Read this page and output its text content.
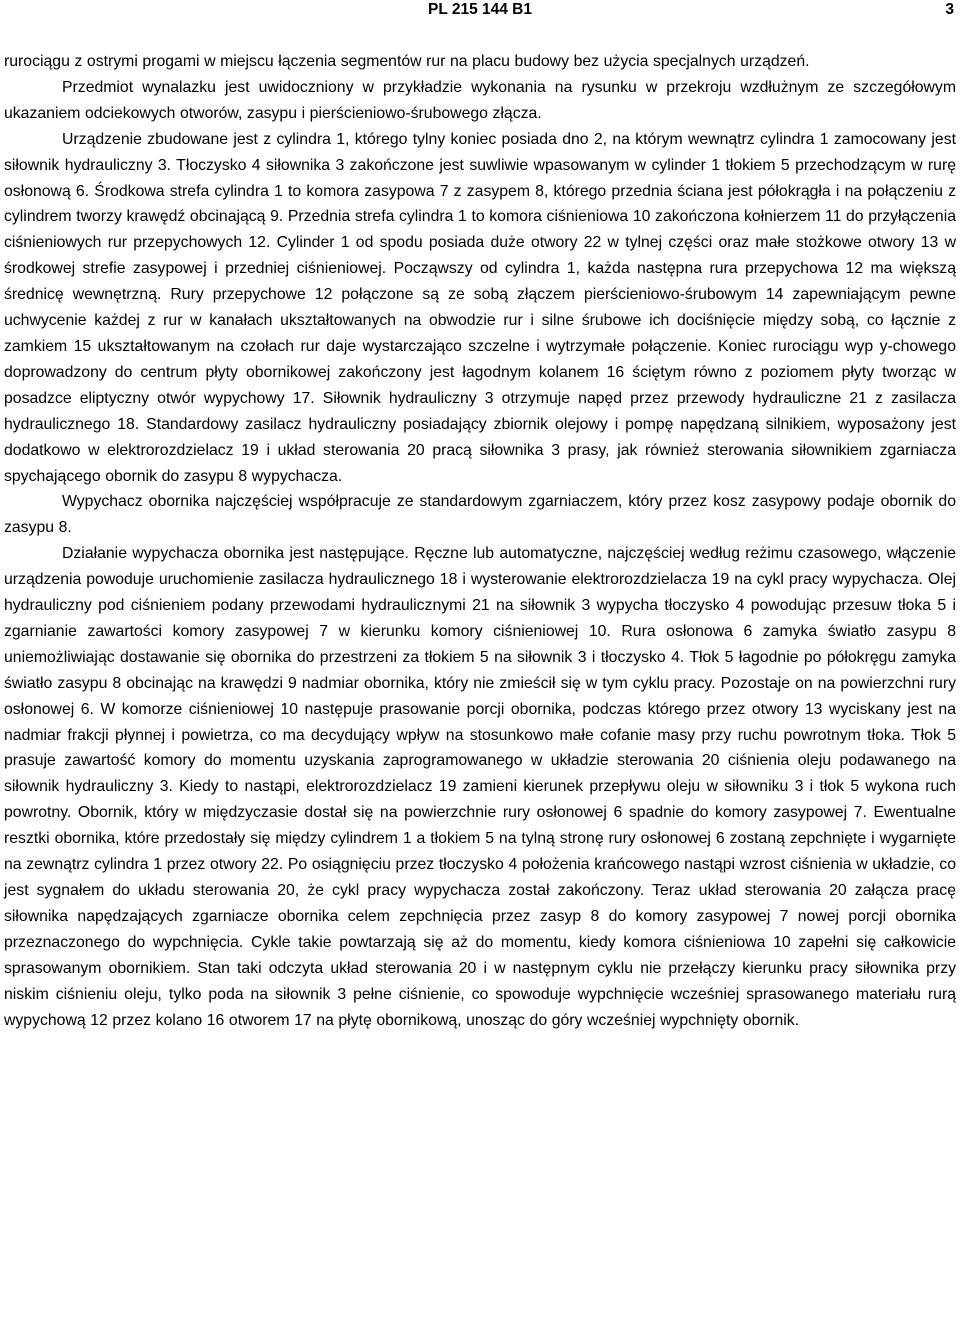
PL 215 144 B1	3

rurociągu z ostrymi progami w miejscu łączenia segmentów rur na placu budowy bez użycia specjalnych urządzeń.

Przedmiot wynalazku jest uwidoczniony w przykładzie wykonania na rysunku w przekroju wzdłużnym ze szczegółowym ukazaniem odciekowych otworów, zasypu i pierścieniowo-śrubowego złącza.

Urządzenie zbudowane jest z cylindra 1, którego tylny koniec posiada dno 2, na którym wewnątrz cylindra 1 zamocowany jest siłownik hydrauliczny 3. Tłoczysko 4 siłownika 3 zakończone jest suwliwie wpasowanym w cylinder 1 tłokiem 5 przechodzącym w rurę osłonową 6. Środkowa strefa cylindra 1 to komora zasypowa 7 z zasypem 8, którego przednia ściana jest półokrągła i na połączeniu z cylindrem tworzy krawędź obcinającą 9. Przednia strefa cylindra 1 to komora ciśnieniowa 10 zakończona kołnierzem 11 do przyłączenia ciśnieniowych rur przepychowych 12. Cylinder 1 od spodu posiada duże otwory 22 w tylnej części oraz małe stożkowe otwory 13 w środkowej strefie zasypowej i przedniej ciśnieniowej. Począwszy od cylindra 1, każda następna rura przepychowa 12 ma większą średnicę wewnętrzną. Rury przepychowe 12 połączone są ze sobą złączem pierścieniowo-śrubowym 14 zapewniającym pewne uchwycenie każdej z rur w kanałach ukształtowanych na obwodzie rur i silne śrubowe ich dociśnięcie między sobą, co łącznie z zamkiem 15 ukształtowanym na czołach rur daje wystarczająco szczelne i wytrzymałe połączenie. Koniec rurociągu wyp y-chowego doprowadzony do centrum płyty obornikowej zakończony jest łagodnym kolanem 16 ściętym równo z poziomem płyty tworząc w posadzce eliptyczny otwór wypychowy 17. Siłownik hydrauliczny 3 otrzymuje napęd przez przewody hydrauliczne 21 z zasilacza hydraulicznego 18. Standardowy zasilacz hydrauliczny posiadający zbiornik olejowy i pompę napędzaną silnikiem, wyposażony jest dodatkowo w elektrorozdzielacz 19 i układ sterowania 20 pracą siłownika 3 prasy, jak również sterowania siłownikiem zgarniacza spychającego obornik do zasypu 8 wypychacza.

Wypychacz obornika najczęściej współpracuje ze standardowym zgarniaczem, który przez kosz zasypowy podaje obornik do zasypu 8.

Działanie wypychacza obornika jest następujące. Ręczne lub automatyczne, najczęściej według reżimu czasowego, włączenie urządzenia powoduje uruchomienie zasilacza hydraulicznego 18 i wysterowanie elektrorozdzielacza 19 na cykl pracy wypychacza. Olej hydrauliczny pod ciśnieniem podany przewodami hydraulicznymi 21 na siłownik 3 wypycha tłoczysko 4 powodując przesuw tłoka 5 i zgarnianie zawartości komory zasypowej 7 w kierunku komory ciśnieniowej 10. Rura osłonowa 6 zamyka światło zasypu 8 uniemożliwiając dostawanie się obornika do przestrzeni za tłokiem 5 na siłownik 3 i tłoczysko 4. Tłok 5 łagodnie po półokręgu zamyka światło zasypu 8 obcinając na krawędzi 9 nadmiar obornika, który nie zmieścił się w tym cyklu pracy. Pozostaje on na powierzchni rury osłonowej 6. W komorze ciśnieniowej 10 następuje prasowanie porcji obornika, podczas którego przez otwory 13 wyciskany jest na nadmiar frakcji płynnej i powietrza, co ma decydujący wpływ na stosunkowo małe cofanie masy przy ruchu powrotnym tłoka. Tłok 5 prasuje zawartość komory do momentu uzyskania zaprogramowanego w układzie sterowania 20 ciśnienia oleju podawanego na siłownik hydrauliczny 3. Kiedy to nastąpi, elektrorozdzielacz 19 zamieni kierunek przepływu oleju w siłowniku 3 i tłok 5 wykona ruch powrotny. Obornik, który w międzyczasie dostał się na powierzchnie rury osłonowej 6 spadnie do komory zasypowej 7. Ewentualne resztki obornika, które przedostały się między cylindrem 1 a tłokiem 5 na tylną stronę rury osłonowej 6 zostaną zepchnięte i wygarnięte na zewnątrz cylindra 1 przez otwory 22. Po osiągnięciu przez tłoczysko 4 położenia krańcowego nastąpi wzrost ciśnienia w układzie, co jest sygnałem do układu sterowania 20, że cykl pracy wypychacza został zakończony. Teraz układ sterowania 20 załącza pracę siłownika napędzających zgarniacze obornika celem zepchnięcia przez zasyp 8 do komory zasypowej 7 nowej porcji obornika przeznaczonego do wypchnięcia. Cykle takie powtarzają się aż do momentu, kiedy komora ciśnieniowa 10 zapełni się całkowicie sprasowanym obornikiem. Stan taki odczyta układ sterowania 20 i w następnym cyklu nie przełączy kierunku pracy siłownika przy niskim ciśnieniu oleju, tylko poda na siłownik 3 pełne ciśnienie, co spowoduje wypchnięcie wcześniej sprasowanego materiału rurą wypychową 12 przez kolano 16 otworem 17 na płytę obornikową, unosząc do góry wcześniej wypchnięty obornik.
